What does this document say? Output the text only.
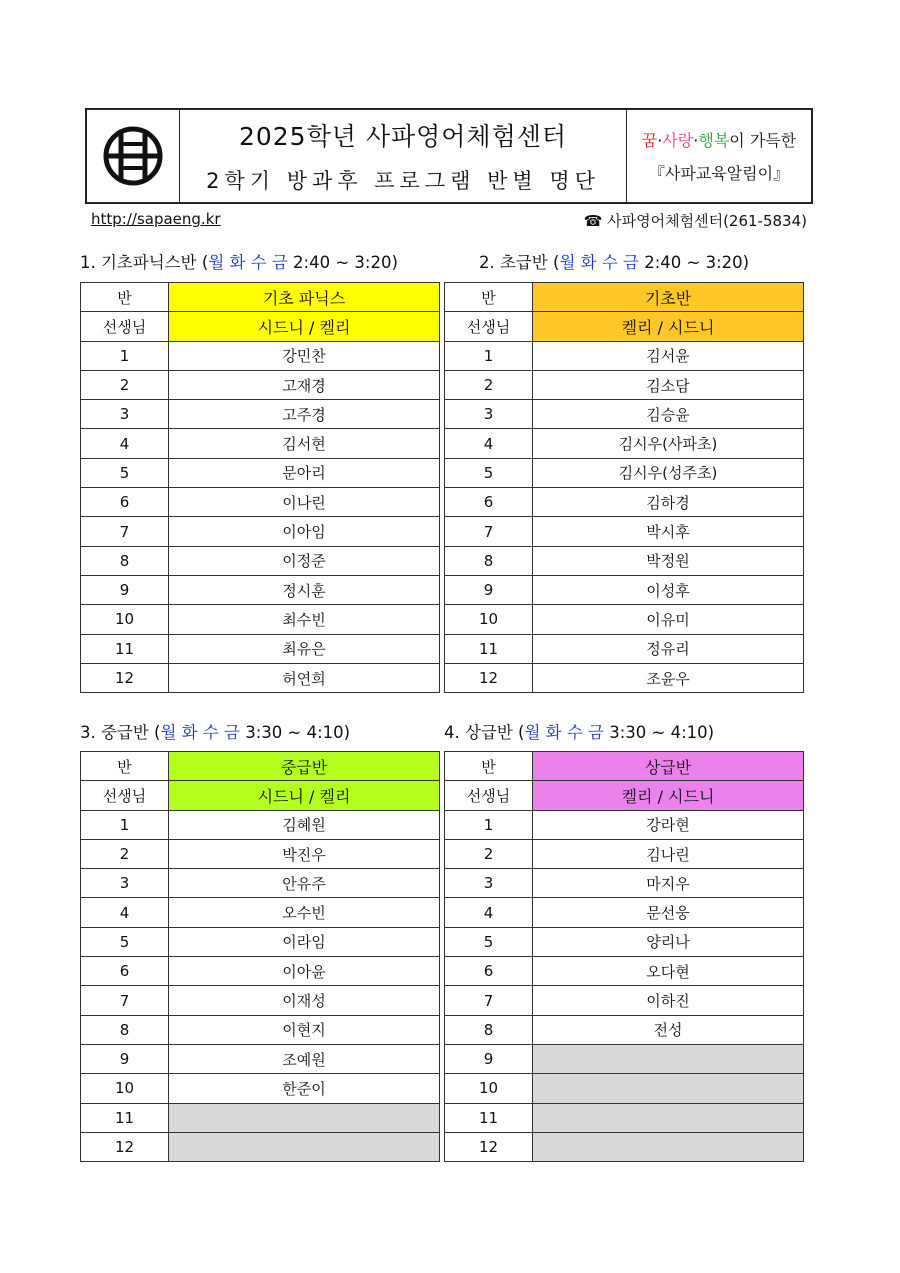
2025학년 사파영어체험센터
2학기 방과후 프로그램 반별 명단
꿈·사랑·행복이 가득한
『사파교육알림이』
http://sapaeng.kr	☎ 사파영어체험센터(261-5834)
1. 기초파닉스반 (월 화 수 금 2:40 ~ 3:20)	2. 초급반 (월 화 수 금 2:40 ~ 3:20)
3. 중급반 (월 화 수 금 3:30 ~ 4:10)	4. 상급반 (월 화 수 금 3:30 ~ 4:10)
반	기초 파닉스
선생님	시드니 / 켈리
1	강민찬
2	고재경
3	고주경
4	김서현
5	문아리
6	이나린
7	이아임
8	이정준
9	정시훈
10	최수빈
11	최유은
12	허연희
반	기초반
선생님	켈리 / 시드니
1	김서윤
2	김소담
3	김승윤
4	김시우(사파초)
5	김시우(성주초)
6	김하경
7	박시후
8	박정원
9	이성후
10	이유미
11	정유리
12	조윤우
반	중급반
선생님	시드니 / 켈리
1	김혜원
2	박진우
3	안유주
4	오수빈
5	이라임
6	이아윤
7	이재성
8	이현지
9	조예원
10	한준이
11	
12	
반	상급반
선생님	켈리 / 시드니
1	강라현
2	김나린
3	마지우
4	문선웅
5	양리나
6	오다현
7	이하진
8	전성
9	
10	
11	
12	
